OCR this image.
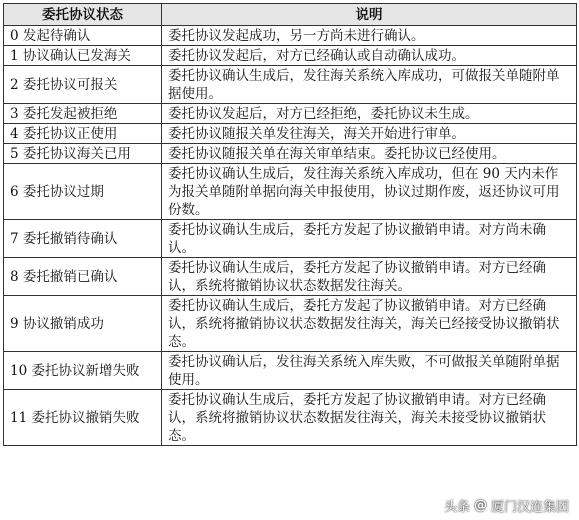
委托协议状态	说明
0 发起待确认	委托协议发起成功，另一方尚未进行确认。
1 协议确认已发海关	委托协议发起后，对方已经确认或自动确认成功。
2 委托协议可报关	委托协议确认生成后，发往海关系统入库成功，可做报关单随附单据使用。
3 委托发起被拒绝	委托协议发起后，对方已经拒绝，委托协议未生成。
4 委托协议正使用	委托协议随报关单发往海关，海关开始进行审单。
5 委托协议海关已用	委托协议随报关单在海关审单结束。委托协议已经使用。
6 委托协议过期	委托协议确认生成后，发往海关系统入库成功，但在 90 天内未作为报关单随附单据向海关申报使用，协议过期作废，返还协议可用份数。
7 委托撤销待确认	委托协议确认生成后，委托方发起了协议撤销申请。对方尚未确认。
8 委托撤销已确认	委托协议确认生成后，委托方发起了协议撤销申请。对方已经确认，系统将撤销协议状态数据发往海关。
9 协议撤销成功	委托协议确认生成后，委托方发起了协议撤销申请。对方已经确认，系统将撤销协议状态数据发往海关，海关已经接受协议撤销状态。
10 委托协议新增失败	委托协议确认后，发往海关系统入库失败，不可做报关单随附单据使用。
11 委托协议撤销失败	委托协议确认生成后，委托方发起了协议撤销申请。对方已经确认，系统将撤销协议状态数据发往海关，海关未接受协议撤销状态。
头条 @ 厦门汉连集团
